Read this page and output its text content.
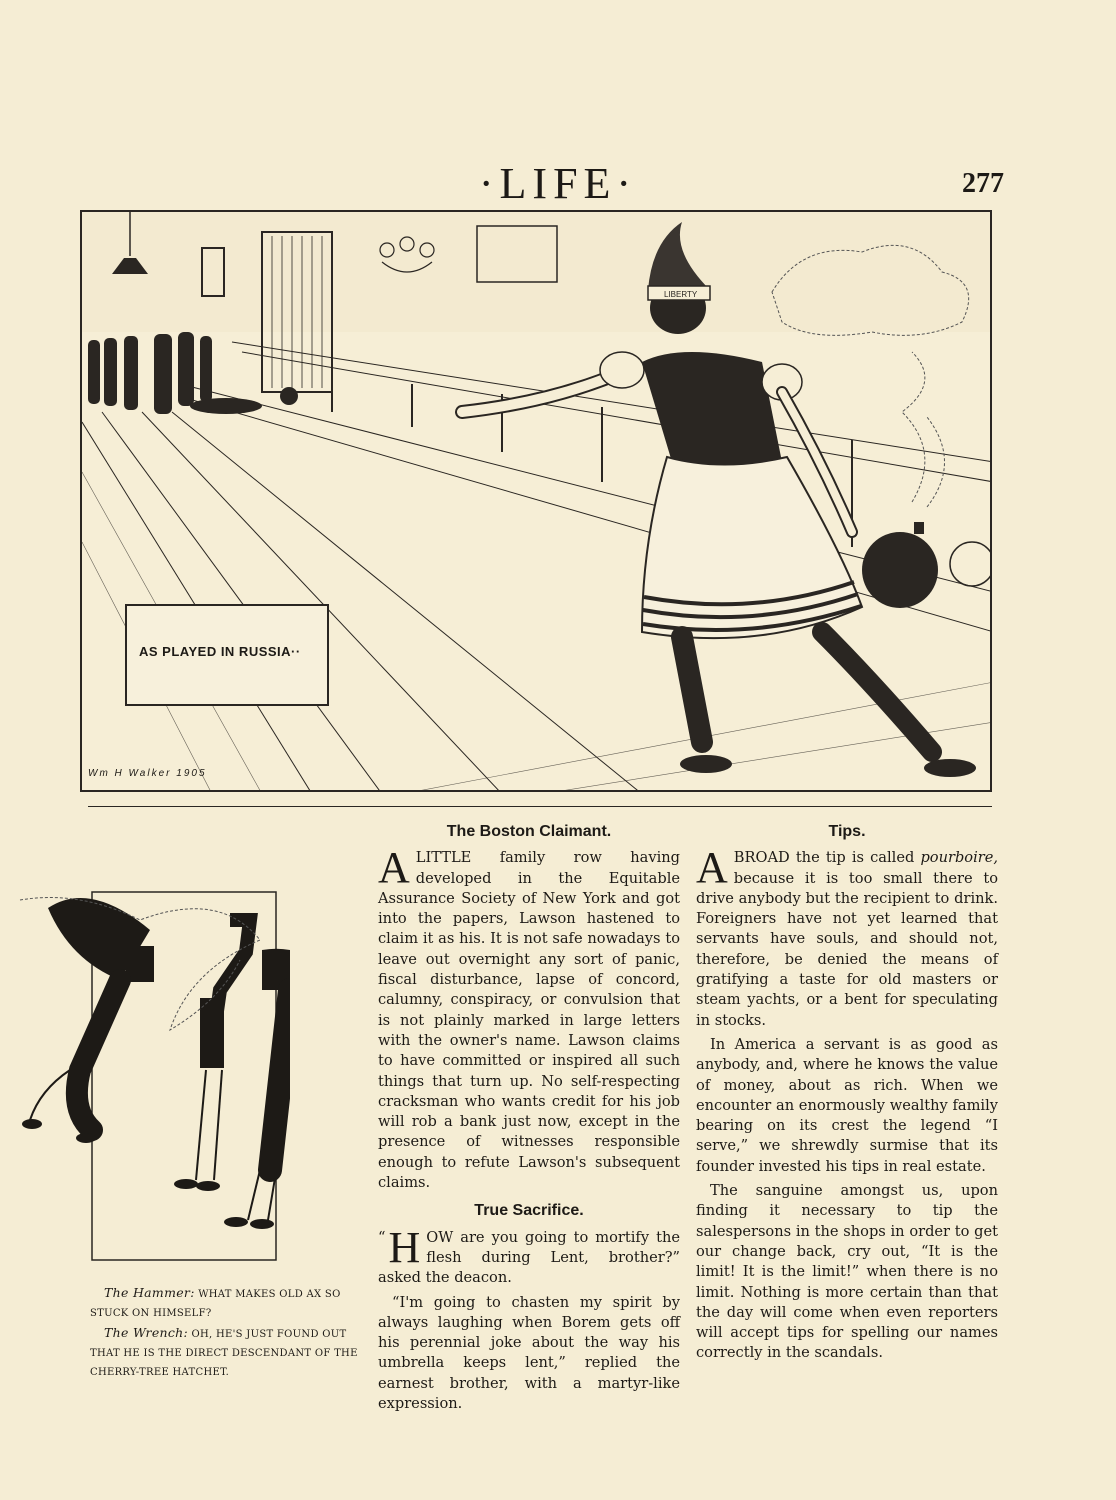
·LIFE·	277
LIBERTY
AS PLAYED IN RUSSIA··
Wm H Walker 1905

The Hammer: WHAT MAKES OLD AX SO STUCK ON HIMSELF?

The Wrench: OH, HE'S JUST FOUND OUT THAT HE IS THE DIRECT DESCENDANT OF THE CHERRY-TREE HATCHET.

The Boston Claimant.

ALITTLE family row having developed in the Equitable Assurance Society of New York and got into the papers, Lawson hastened to claim it as his. It is not safe nowadays to leave out overnight any sort of panic, fiscal disturbance, lapse of concord, calumny, conspiracy, or convulsion that is not plainly marked in large letters with the owner's name. Lawson claims to have committed or inspired all such things that turn up. No self-respecting cracksman who wants credit for his job will rob a bank just now, except in the presence of witnesses responsible enough to refute Lawson's subsequent claims.

True Sacrifice.

“ H OW are you going to mortify the flesh during Lent, brother?” asked the deacon.

“I'm going to chasten my spirit by always laughing when Borem gets off his perennial joke about the way his umbrella keeps lent,” replied the earnest brother, with a martyr-like expression.

Tips.

ABROAD the tip is called pourboire, because it is too small there to drive anybody but the recipient to drink. Foreigners have not yet learned that servants have souls, and should not, therefore, be denied the means of gratifying a taste for old masters or steam yachts, or a bent for speculating in stocks.

In America a servant is as good as anybody, and, where he knows the value of money, about as rich. When we encounter an enormously wealthy family bearing on its crest the legend “I serve,” we shrewdly surmise that its founder invested his tips in real estate.

The sanguine amongst us, upon finding it necessary to tip the salespersons in the shops in order to get our change back, cry out, “It is the limit! It is the limit!” when there is no limit. Nothing is more certain than that the day will come when even reporters will accept tips for spelling our names correctly in the scandals.
